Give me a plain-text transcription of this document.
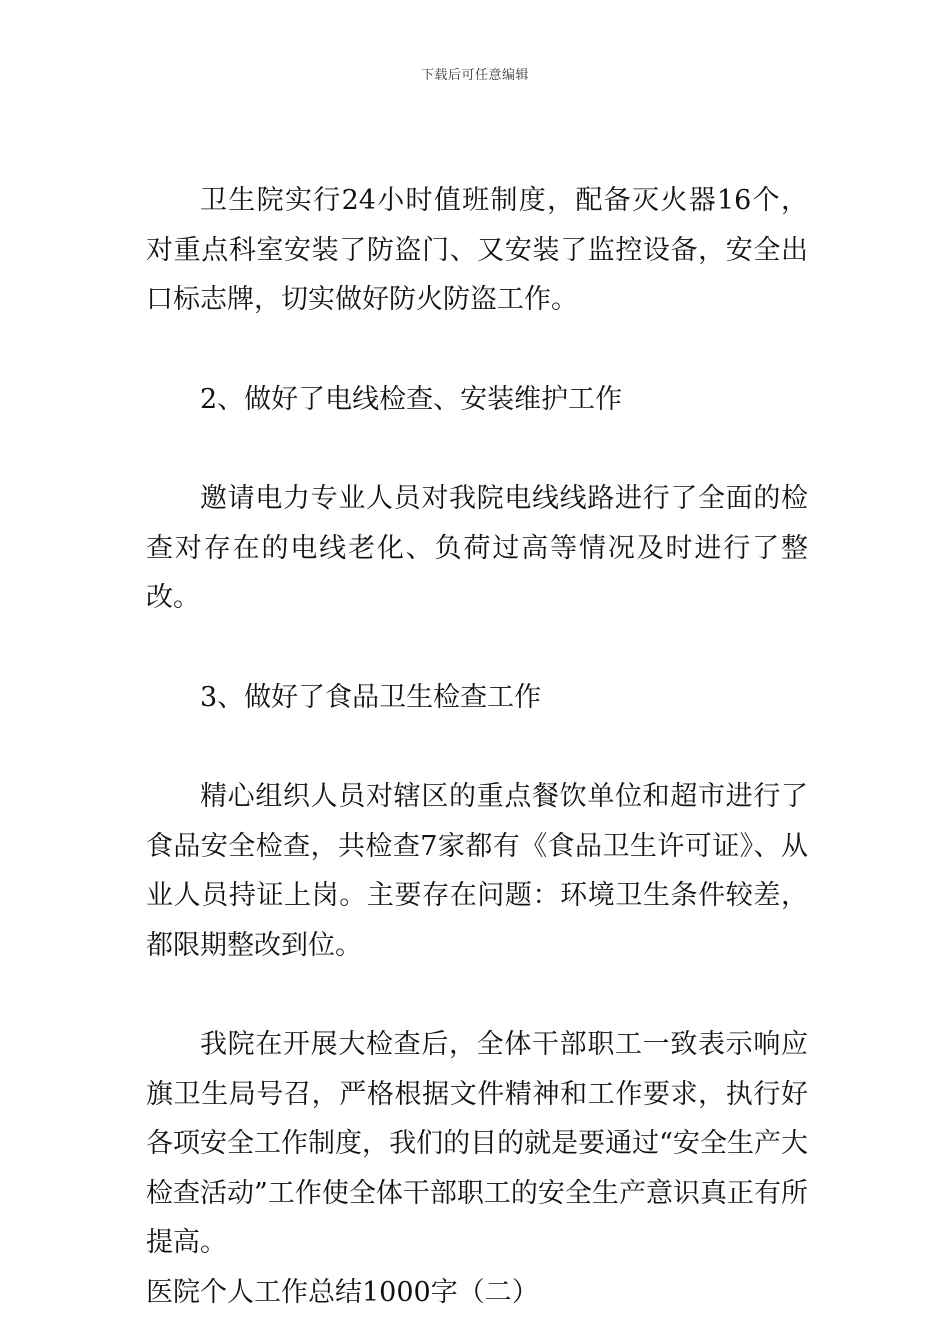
下载后可任意编辑

卫生院实行24小时值班制度，配备灭火器16个，对重点科室安装了防盗门、又安装了监控设备，安全出口标志牌，切实做好防火防盗工作。

2、做好了电线检查、安装维护工作

邀请电力专业人员对我院电线线路进行了全面的检查对存在的电线老化、负荷过高等情况及时进行了整改。

3、做好了食品卫生检查工作

精心组织人员对辖区的重点餐饮单位和超市进行了食品安全检查，共检查7家都有《食品卫生许可证》、从业人员持证上岗。主要存在问题：环境卫生条件较差，都限期整改到位。

我院在开展大检查后，全体干部职工一致表示响应旗卫生局号召，严格根据文件精神和工作要求，执行好各项安全工作制度，我们的目的就是要通过“安全生产大检查活动”工作使全体干部职工的安全生产意识真正有所提高。

医院个人工作总结1000字（二）
